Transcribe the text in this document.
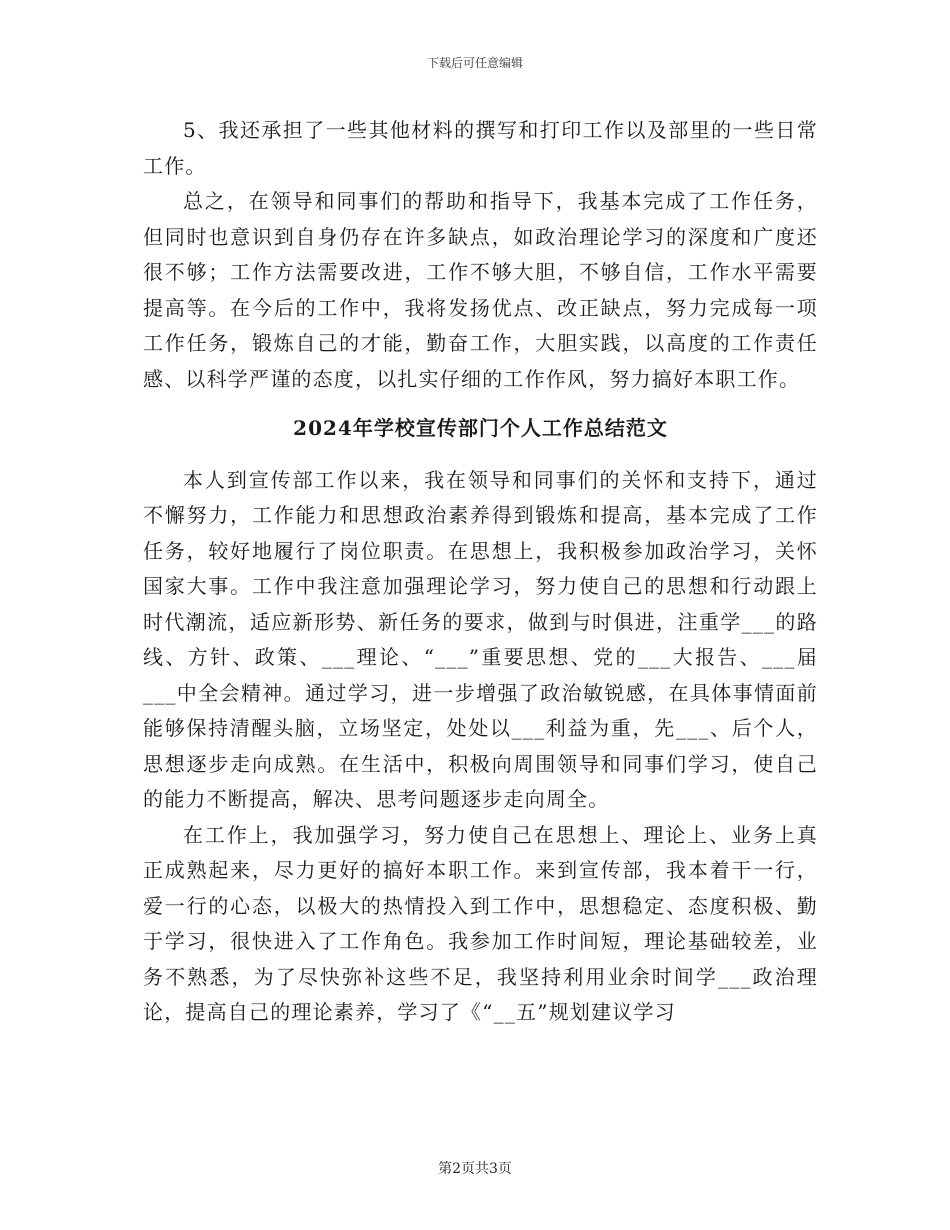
下载后可任意编辑

5、我还承担了一些其他材料的撰写和打印工作以及部里的一些日常工作。

总之，在领导和同事们的帮助和指导下，我基本完成了工作任务，但同时也意识到自身仍存在许多缺点，如政治理论学习的深度和广度还很不够；工作方法需要改进，工作不够大胆，不够自信，工作水平需要提高等。在今后的工作中，我将发扬优点、改正缺点，努力完成每一项工作任务，锻炼自己的才能，勤奋工作，大胆实践，以高度的工作责任感、以科学严谨的态度，以扎实仔细的工作作风，努力搞好本职工作。

2024年学校宣传部门个人工作总结范文

本人到宣传部工作以来，我在领导和同事们的关怀和支持下，通过不懈努力，工作能力和思想政治素养得到锻炼和提高，基本完成了工作任务，较好地履行了岗位职责。在思想上，我积极参加政治学习，关怀国家大事。工作中我注意加强理论学习，努力使自己的思想和行动跟上时代潮流，适应新形势、新任务的要求，做到与时俱进，注重学___的路线、方针、政策、___理论、“___”重要思想、党的___大报告、___届___中全会精神。通过学习，进一步增强了政治敏锐感，在具体事情面前能够保持清醒头脑，立场坚定，处处以___利益为重，先___、后个人，思想逐步走向成熟。在生活中，积极向周围领导和同事们学习，使自己的能力不断提高，解决、思考问题逐步走向周全。

在工作上，我加强学习，努力使自己在思想上、理论上、业务上真正成熟起来，尽力更好的搞好本职工作。来到宣传部，我本着干一行，爱一行的心态，以极大的热情投入到工作中，思想稳定、态度积极、勤于学习，很快进入了工作角色。我参加工作时间短，理论基础较差，业务不熟悉，为了尽快弥补这些不足，我坚持利用业余时间学___政治理论，提高自己的理论素养，学习了《“__五”规划建议学习

第2页共3页
